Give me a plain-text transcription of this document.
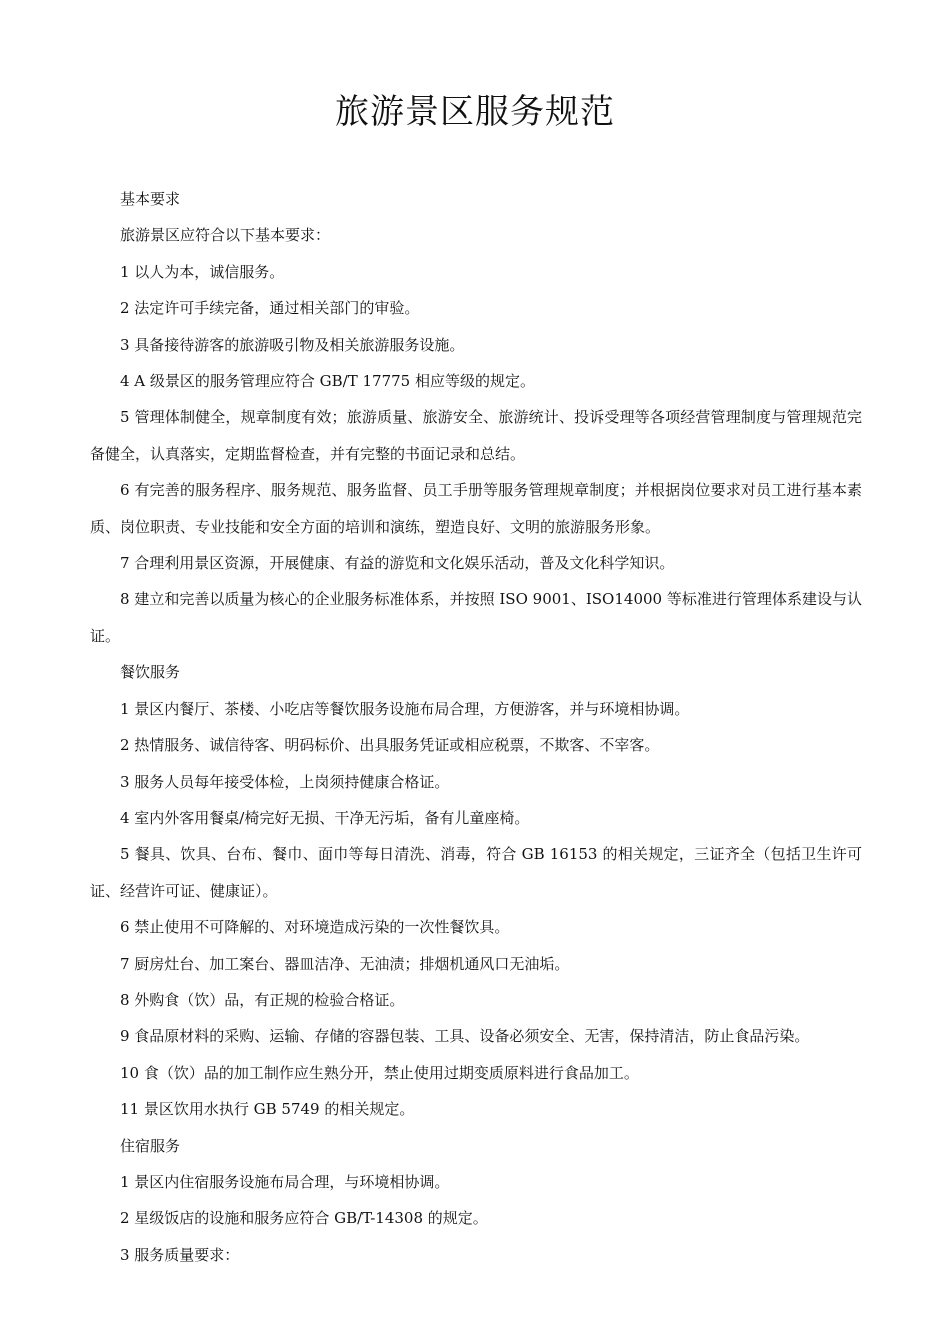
旅游景区服务规范

基本要求

旅游景区应符合以下基本要求：

1 以人为本，诚信服务。

2 法定许可手续完备，通过相关部门的审验。

3 具备接待游客的旅游吸引物及相关旅游服务设施。

4 A 级景区的服务管理应符合 GB/T 17775 相应等级的规定。

5 管理体制健全，规章制度有效；旅游质量、旅游安全、旅游统计、投诉受理等各项经营管理制度与管理规范完备健全，认真落实，定期监督检查，并有完整的书面记录和总结。

6 有完善的服务程序、服务规范、服务监督、员工手册等服务管理规章制度；并根据岗位要求对员工进行基本素质、岗位职责、专业技能和安全方面的培训和演练，塑造良好、文明的旅游服务形象。

7 合理利用景区资源，开展健康、有益的游览和文化娱乐活动，普及文化科学知识。

8 建立和完善以质量为核心的企业服务标准体系，并按照 ISO 9001、ISO14000 等标准进行管理体系建设与认证。

餐饮服务

1 景区内餐厅、茶楼、小吃店等餐饮服务设施布局合理，方便游客，并与环境相协调。

2 热情服务、诚信待客、明码标价、出具服务凭证或相应税票，不欺客、不宰客。

3 服务人员每年接受体检，上岗须持健康合格证。

4 室内外客用餐桌/椅完好无损、干净无污垢，备有儿童座椅。

5 餐具、饮具、台布、餐巾、面巾等每日清洗、消毒，符合 GB 16153 的相关规定，三证齐全（包括卫生许可证、经营许可证、健康证）。

6 禁止使用不可降解的、对环境造成污染的一次性餐饮具。

7 厨房灶台、加工案台、器皿洁净、无油渍；排烟机通风口无油垢。

8 外购食（饮）品，有正规的检验合格证。

9 食品原材料的采购、运输、存储的容器包装、工具、设备必须安全、无害，保持清洁，防止食品污染。

10 食（饮）品的加工制作应生熟分开，禁止使用过期变质原料进行食品加工。

11 景区饮用水执行 GB 5749 的相关规定。

住宿服务

1 景区内住宿服务设施布局合理，与环境相协调。

2 星级饭店的设施和服务应符合 GB/T-14308 的规定。

3 服务质量要求：
